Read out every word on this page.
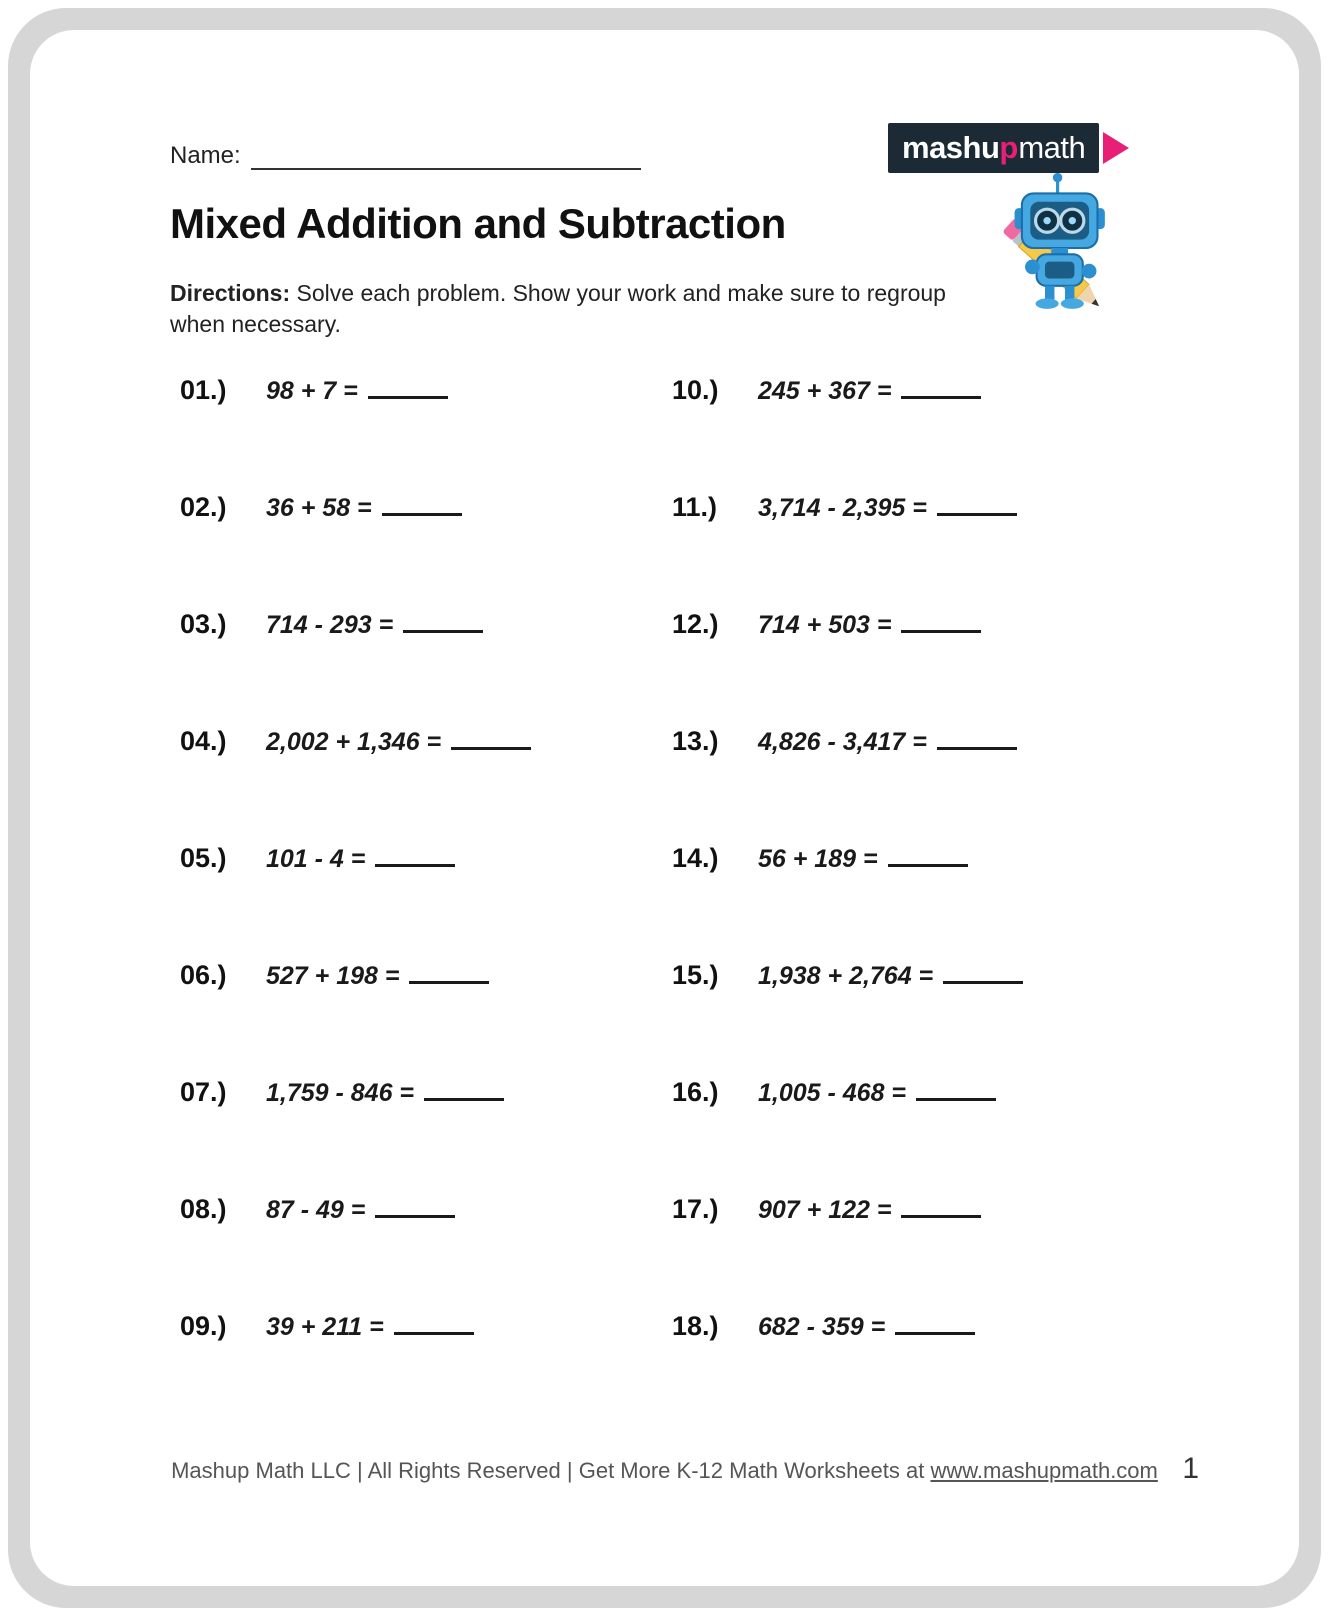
Name:	mashu p math
Mixed Addition and Subtraction

Directions: Solve each problem. Show your work and make sure to regroup when necessary.

01.)	98 + 7 =
02.)	36 + 58 =
03.)	714 - 293 =
04.)	2,002 + 1,346 =
05.)	101 - 4 =
06.)	527 + 198 =
07.)	1,759 - 846 =
08.)	87 - 49 =
09.)	39 + 211 =
10.)	245 + 367 =
11.)	3,714 - 2,395 =
12.)	714 + 503 =
13.)	4,826 - 3,417 =
14.)	56 + 189 =
15.)	1,938 + 2,764 =
16.)	1,005 - 468 =
17.)	907 + 122 =
18.)	682 - 359 =
Mashup Math LLC | All Rights Reserved | Get More K-12 Math Worksheets at www.mashupmath.com 1
